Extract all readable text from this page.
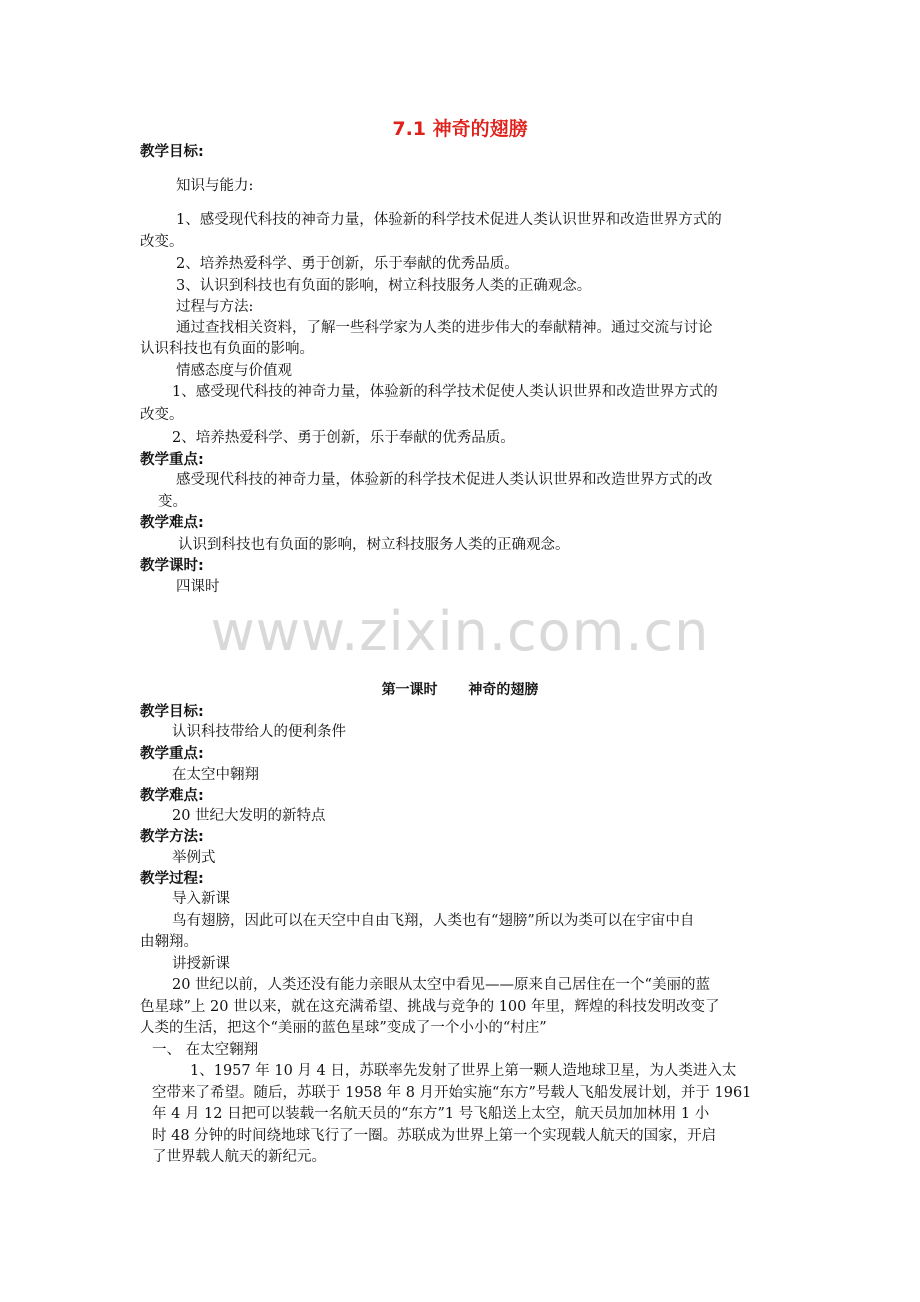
www.zixin.com.cn
7.1 神奇的翅膀
教学目标:
知识与能力:
1、感受现代科技的神奇力量，体验新的科学技术促进人类认识世界和改造世界方式的
改变。
2、培养热爱科学、勇于创新，乐于奉献的优秀品质。
3、认识到科技也有负面的影响，树立科技服务人类的正确观念。
过程与方法:
通过查找相关资料，了解一些科学家为人类的进步伟大的奉献精神。通过交流与讨论
认识科技也有负面的影响。
情感态度与价值观
1、感受现代科技的神奇力量，体验新的科学技术促使人类认识世界和改造世界方式的
改变。
2、培养热爱科学、勇于创新，乐于奉献的优秀品质。
教学重点:
感受现代科技的神奇力量，体验新的科学技术促进人类认识世界和改造世界方式的改
变。
教学难点:
认识到科技也有负面的影响，树立科技服务人类的正确观念。
教学课时:
四课时
第一课时 神奇的翅膀
教学目标:
认识科技带给人的便利条件
教学重点:
在太空中翱翔
教学难点:
20 世纪大发明的新特点
教学方法:
举例式
教学过程:
导入新课
鸟有翅膀，因此可以在天空中自由飞翔，人类也有“翅膀”所以为类可以在宇宙中自
由翱翔。
讲授新课
20 世纪以前，人类还没有能力亲眼从太空中看见——原来自己居住在一个“美丽的蓝
色星球”上 20 世以来，就在这充满希望、挑战与竞争的 100 年里，辉煌的科技发明改变了
人类的生活，把这个“美丽的蓝色星球”变成了一个小小的“村庄”
一、 在太空翱翔
1、1957 年 10 月 4 日，苏联率先发射了世界上第一颗人造地球卫星，为人类进入太
空带来了希望。随后，苏联于 1958 年 8 月开始实施“东方”号载人飞船发展计划，并于 1961
年 4 月 12 日把可以装载一名航天员的“东方”1 号飞船送上太空，航天员加加林用 1 小
时 48 分钟的时间绕地球飞行了一圈。苏联成为世界上第一个实现载人航天的国家，开启
了世界载人航天的新纪元。
